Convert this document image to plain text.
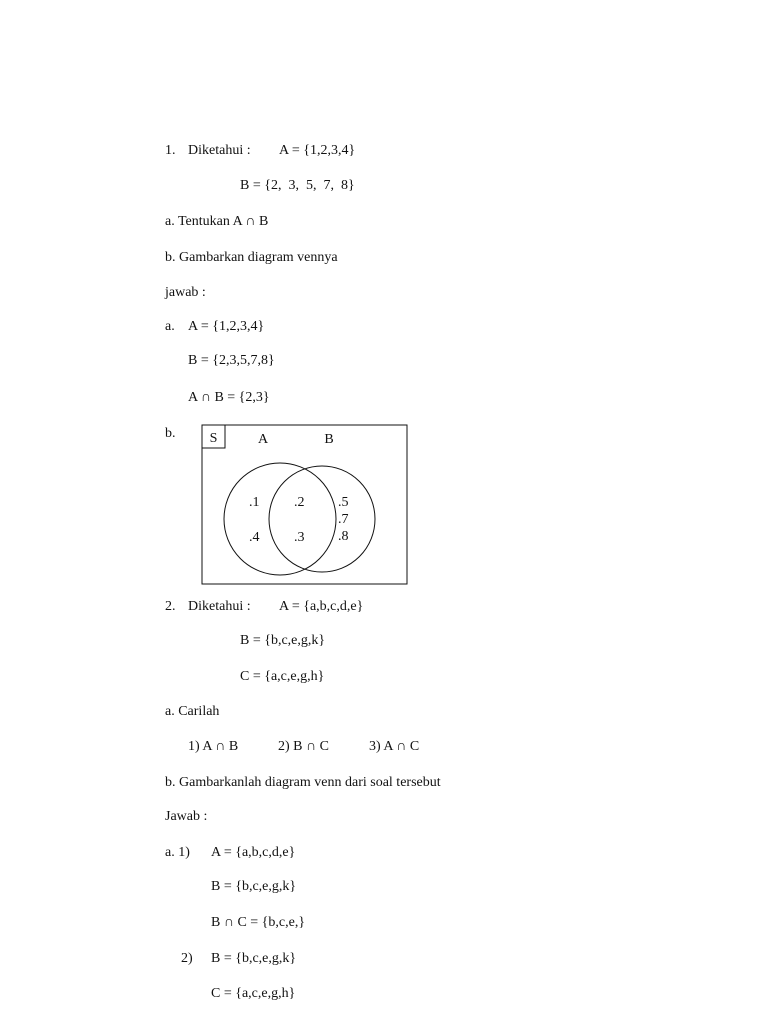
1. Diketahui : A = {1,2,3,4}
B = {2,  3,  5,  7,  8}
a. Tentukan A ∩ B
b. Gambarkan diagram vennya
jawab :
a. A = {1,2,3,4}
B = {2,3,5,7,8}
A ∩ B = {2,3}
b. S	A	B
.1
.4
.2
.3
.5
.7
.8
2. Diketahui : A = {a,b,c,d,e}
B = {b,c,e,g,k}
C = {a,c,e,g,h}
a. Carilah
1) A ∩ B	2) B ∩ C	3) A ∩ C
b. Gambarkanlah diagram venn dari soal tersebut
Jawab :
a. 1) A = {a,b,c,d,e}
B = {b,c,e,g,k}
B ∩ C = {b,c,e,}
2) B = {b,c,e,g,k}
C = {a,c,e,g,h}
